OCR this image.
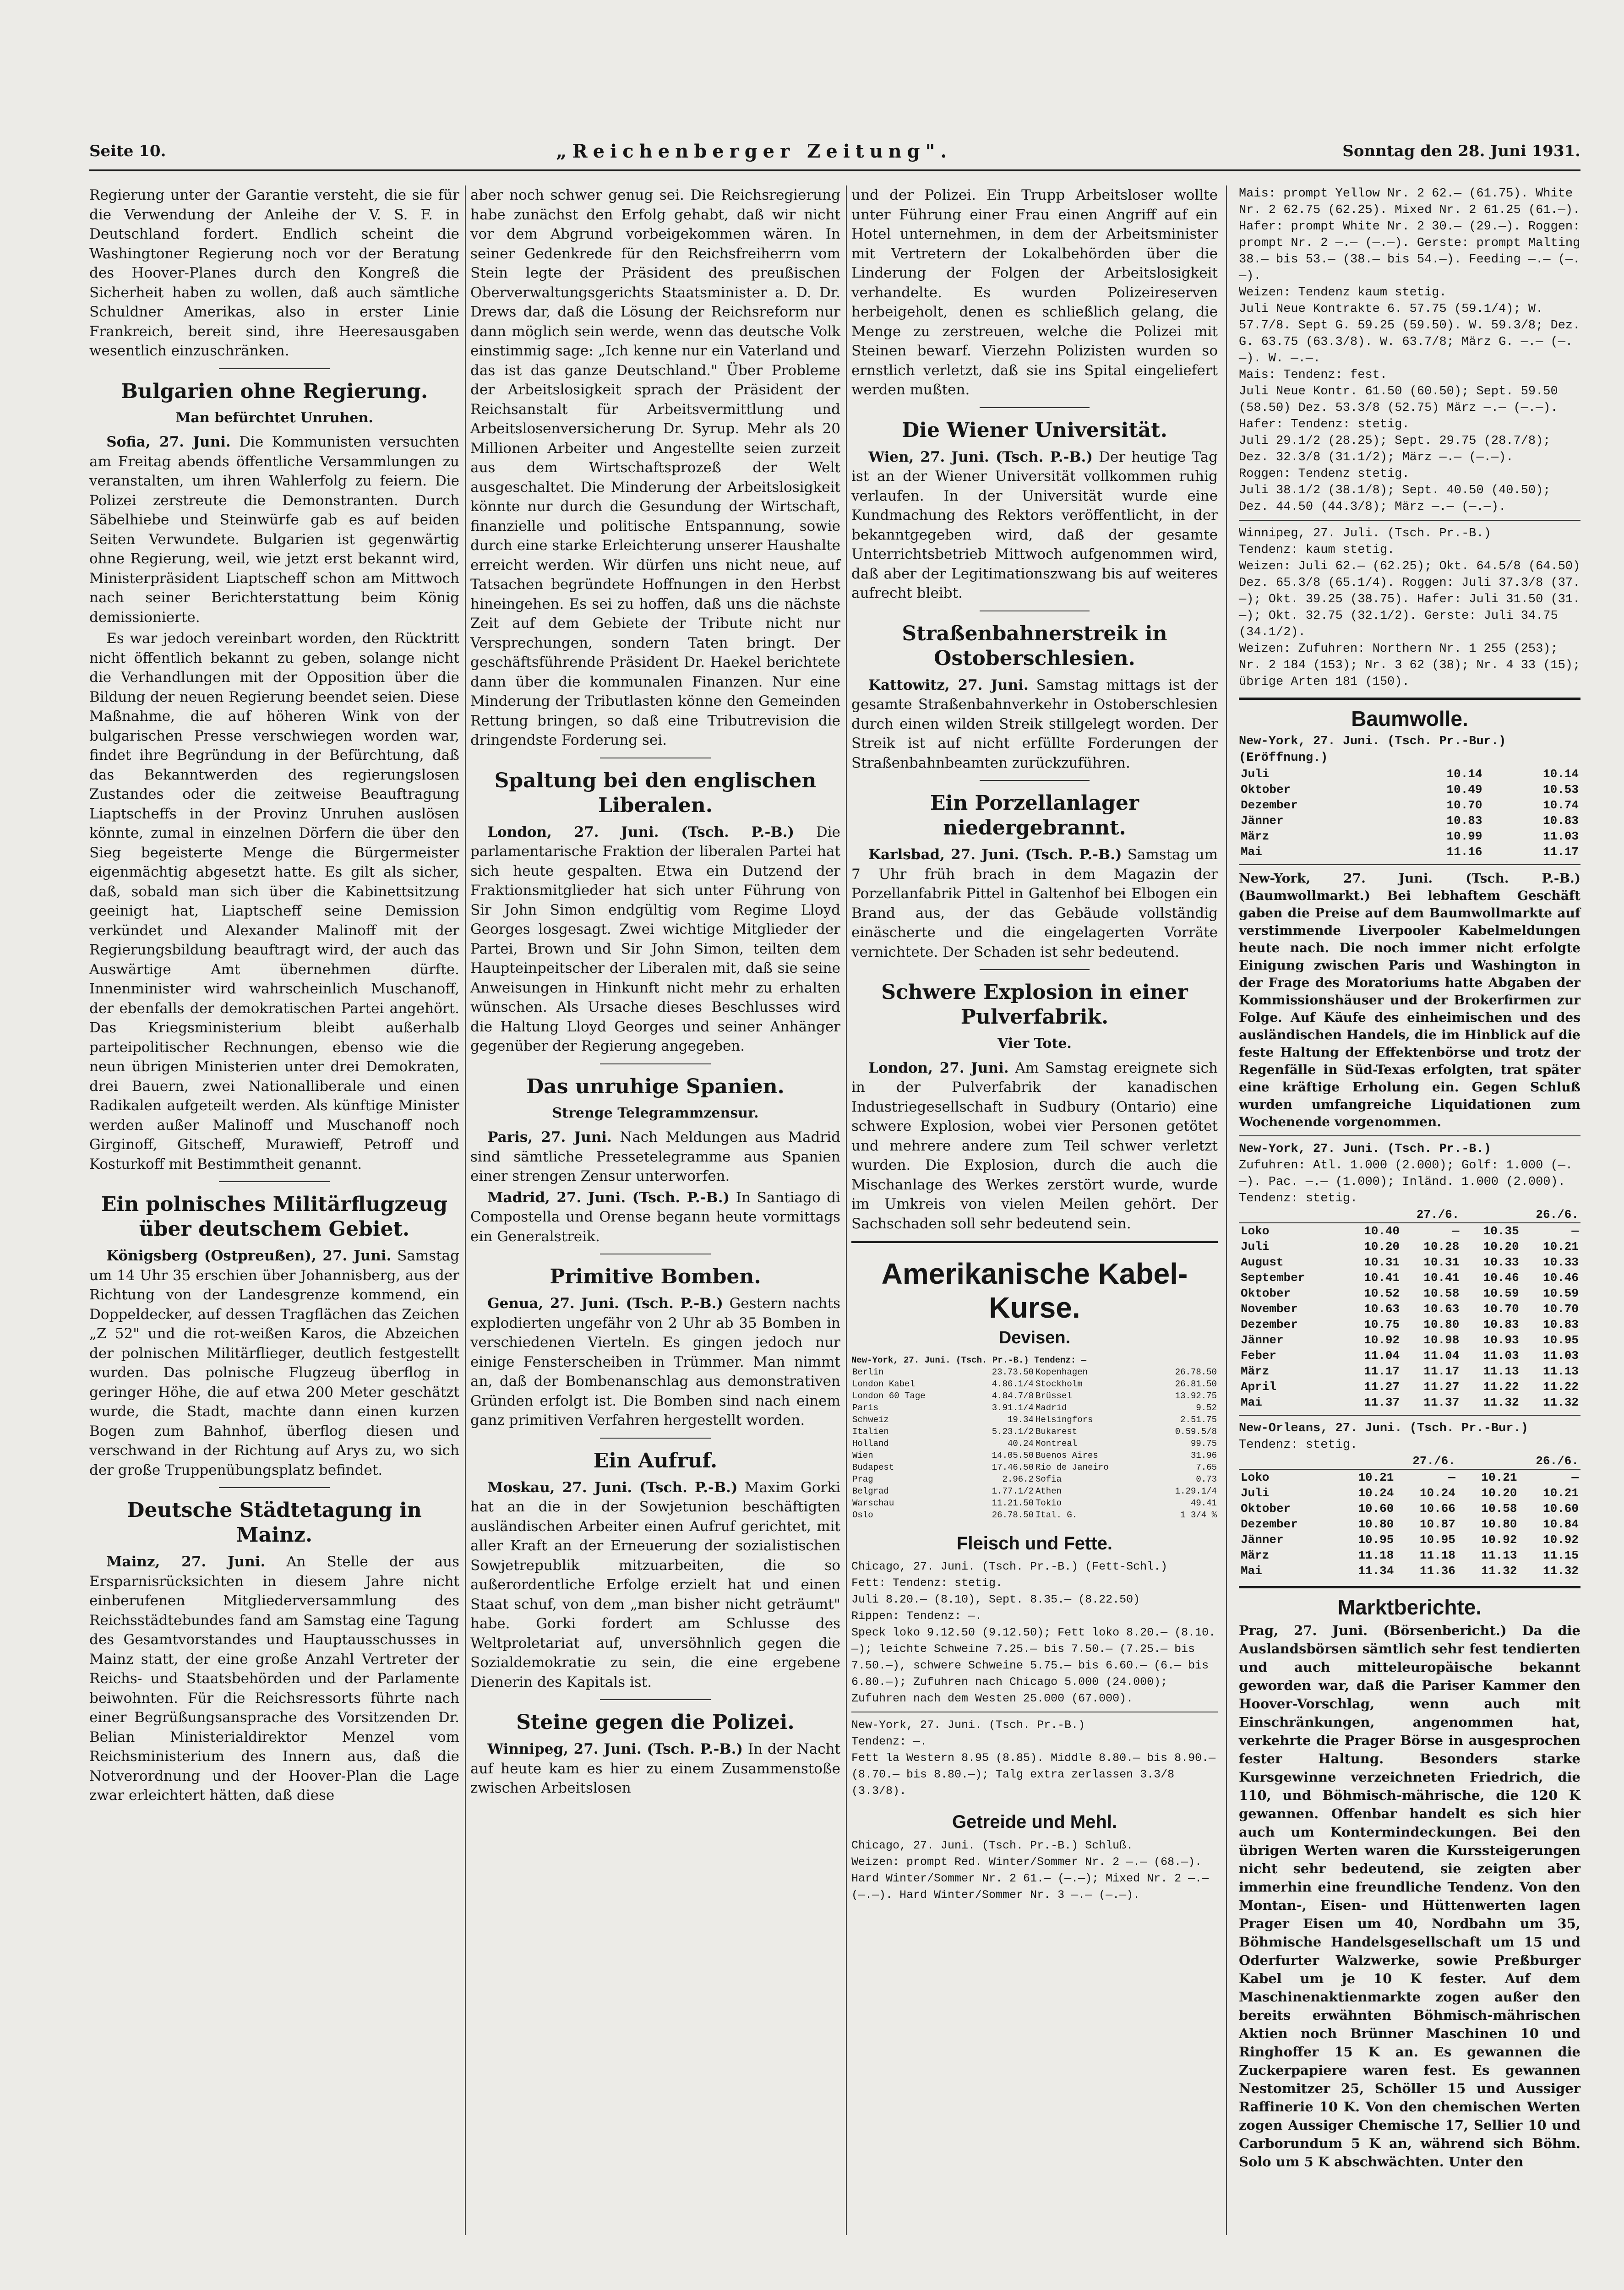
Seite 10.	„Reichenberger Zeitung".	Sonntag den 28. Juni 1931.

Regierung unter der Garantie versteht, die sie für die Verwendung der Anleihe der V. S. F. in Deutschland fordert. Endlich scheint die Washingtoner Regierung noch vor der Beratung des Hoover-Planes durch den Kongreß die Sicherheit haben zu wollen, daß auch sämtliche Schuldner Amerikas, also in erster Linie Frankreich, bereit sind, ihre Heeresausgaben wesentlich einzuschränken.

Bulgarien ohne Regierung.
Man befürchtet Unruhen.

Sofia, 27. Juni. Die Kommunisten versuchten am Freitag abends öffentliche Versammlungen zu veranstalten, um ihren Wahlerfolg zu feiern. Die Polizei zerstreute die Demonstranten. Durch Säbelhiebe und Steinwürfe gab es auf beiden Seiten Verwundete. Bulgarien ist gegenwärtig ohne Regierung, weil, wie jetzt erst bekannt wird, Ministerpräsident Liaptscheff schon am Mittwoch nach seiner Berichterstattung beim König demissionierte.

Es war jedoch vereinbart worden, den Rücktritt nicht öffentlich bekannt zu geben, solange nicht die Verhandlungen mit der Opposition über die Bildung der neuen Regierung beendet seien. Diese Maßnahme, die auf höheren Wink von der bulgarischen Presse verschwiegen worden war, findet ihre Begründung in der Befürchtung, daß das Bekanntwerden des regierungslosen Zustandes oder die zeitweise Beauftragung Liaptscheffs in der Provinz Unruhen auslösen könnte, zumal in einzelnen Dörfern die über den Sieg begeisterte Menge die Bürgermeister eigenmächtig abgesetzt hatte. Es gilt als sicher, daß, sobald man sich über die Kabinettsitzung geeinigt hat, Liaptscheff seine Demission verkündet und Alexander Malinoff mit der Regierungsbildung beauftragt wird, der auch das Auswärtige Amt übernehmen dürfte. Innenminister wird wahrscheinlich Muschanoff, der ebenfalls der demokratischen Partei angehört. Das Kriegsministerium bleibt außerhalb parteipolitischer Rechnungen, ebenso wie die neun übrigen Ministerien unter drei Demokraten, drei Bauern, zwei Nationalliberale und einen Radikalen aufgeteilt werden. Als künftige Minister werden außer Malinoff und Muschanoff noch Girginoff, Gitscheff, Murawieff, Petroff und Kosturkoff mit Bestimmtheit genannt.

Ein polnisches Militärflugzeug über deutschem Gebiet.

Königsberg (Ostpreußen), 27. Juni. Samstag um 14 Uhr 35 erschien über Johannisberg, aus der Richtung von der Landesgrenze kommend, ein Doppeldecker, auf dessen Tragflächen das Zeichen „Z 52" und die rot-weißen Karos, die Abzeichen der polnischen Militärflieger, deutlich festgestellt wurden. Das polnische Flugzeug überflog in geringer Höhe, die auf etwa 200 Meter geschätzt wurde, die Stadt, machte dann einen kurzen Bogen zum Bahnhof, überflog diesen und verschwand in der Richtung auf Arys zu, wo sich der große Truppenübungsplatz befindet.

Deutsche Städtetagung in Mainz.

Mainz, 27. Juni. An Stelle der aus Ersparnisrücksichten in diesem Jahre nicht einberufenen Mitgliederversammlung des Reichsstädtebundes fand am Samstag eine Tagung des Gesamtvorstandes und Hauptausschusses in Mainz statt, der eine große Anzahl Vertreter der Reichs- und Staatsbehörden und der Parlamente beiwohnten. Für die Reichsressorts führte nach einer Begrüßungsansprache des Vorsitzenden Dr. Belian Ministerialdirektor Menzel vom Reichsministerium des Innern aus, daß die Notverordnung und der Hoover-Plan die Lage zwar erleichtert hätten, daß diese

aber noch schwer genug sei. Die Reichsregierung habe zunächst den Erfolg gehabt, daß wir nicht vor dem Abgrund vorbeigekommen wären. In seiner Gedenkrede für den Reichsfreiherrn vom Stein legte der Präsident des preußischen Oberverwaltungsgerichts Staatsminister a. D. Dr. Drews dar, daß die Lösung der Reichsreform nur dann möglich sein werde, wenn das deutsche Volk einstimmig sage: „Ich kenne nur ein Vaterland und das ist das ganze Deutschland." Über Probleme der Arbeitslosigkeit sprach der Präsident der Reichsanstalt für Arbeitsvermittlung und Arbeitslosenversicherung Dr. Syrup. Mehr als 20 Millionen Arbeiter und Angestellte seien zurzeit aus dem Wirtschaftsprozeß der Welt ausgeschaltet. Die Minderung der Arbeitslosigkeit könnte nur durch die Gesundung der Wirtschaft, finanzielle und politische Entspannung, sowie durch eine starke Erleichterung unserer Haushalte erreicht werden. Wir dürfen uns nicht neue, auf Tatsachen begründete Hoffnungen in den Herbst hineingehen. Es sei zu hoffen, daß uns die nächste Zeit auf dem Gebiete der Tribute nicht nur Versprechungen, sondern Taten bringt. Der geschäftsführende Präsident Dr. Haekel berichtete dann über die kommunalen Finanzen. Nur eine Minderung der Tributlasten könne den Gemeinden Rettung bringen, so daß eine Tributrevision die dringendste Forderung sei.

Spaltung bei den englischen Liberalen.

London, 27. Juni. (Tsch. P.-B.) Die parlamentarische Fraktion der liberalen Partei hat sich heute gespalten. Etwa ein Dutzend der Fraktionsmitglieder hat sich unter Führung von Sir John Simon endgültig vom Regime Lloyd Georges losgesagt. Zwei wichtige Mitglieder der Partei, Brown und Sir John Simon, teilten dem Haupteinpeitscher der Liberalen mit, daß sie seine Anweisungen in Hinkunft nicht mehr zu erhalten wünschen. Als Ursache dieses Beschlusses wird die Haltung Lloyd Georges und seiner Anhänger gegenüber der Regierung angegeben.

Das unruhige Spanien.
Strenge Telegrammzensur.

Paris, 27. Juni. Nach Meldungen aus Madrid sind sämtliche Pressetelegramme aus Spanien einer strengen Zensur unterworfen.

Madrid, 27. Juni. (Tsch. P.-B.) In Santiago di Compostella und Orense begann heute vormittags ein Generalstreik.

Primitive Bomben.

Genua, 27. Juni. (Tsch. P.-B.) Gestern nachts explodierten ungefähr von 2 Uhr ab 35 Bomben in verschiedenen Vierteln. Es gingen jedoch nur einige Fensterscheiben in Trümmer. Man nimmt an, daß der Bombenanschlag aus demonstrativen Gründen erfolgt ist. Die Bomben sind nach einem ganz primitiven Verfahren hergestellt worden.

Ein Aufruf.

Moskau, 27. Juni. (Tsch. P.-B.) Maxim Gorki hat an die in der Sowjetunion beschäftigten ausländischen Arbeiter einen Aufruf gerichtet, mit aller Kraft an der Erneuerung der sozialistischen Sowjetrepublik mitzuarbeiten, die so außerordentliche Erfolge erzielt hat und einen Staat schuf, von dem „man bisher nicht geträumt" habe. Gorki fordert am Schlusse des Weltproletariat auf, unversöhnlich gegen die Sozialdemokratie zu sein, die eine ergebene Dienerin des Kapitals ist.

Steine gegen die Polizei.

Winnipeg, 27. Juni. (Tsch. P.-B.) In der Nacht auf heute kam es hier zu einem Zusammenstoße zwischen Arbeitslosen

und der Polizei. Ein Trupp Arbeitsloser wollte unter Führung einer Frau einen Angriff auf ein Hotel unternehmen, in dem der Arbeitsminister mit Vertretern der Lokalbehörden über die Linderung der Folgen der Arbeitslosigkeit verhandelte. Es wurden Polizeireserven herbeigeholt, denen es schließlich gelang, die Menge zu zerstreuen, welche die Polizei mit Steinen bewarf. Vierzehn Polizisten wurden so ernstlich verletzt, daß sie ins Spital eingeliefert werden mußten.

Die Wiener Universität.

Wien, 27. Juni. (Tsch. P.-B.) Der heutige Tag ist an der Wiener Universität vollkommen ruhig verlaufen. In der Universität wurde eine Kundmachung des Rektors veröffentlicht, in der bekanntgegeben wird, daß der gesamte Unterrichtsbetrieb Mittwoch aufgenommen wird, daß aber der Legitimationszwang bis auf weiteres aufrecht bleibt.

Straßenbahnerstreik in Ostoberschlesien.

Kattowitz, 27. Juni. Samstag mittags ist der gesamte Straßenbahnverkehr in Ostoberschlesien durch einen wilden Streik stillgelegt worden. Der Streik ist auf nicht erfüllte Forderungen der Straßenbahnbeamten zurückzuführen.

Ein Porzellanlager niedergebrannt.

Karlsbad, 27. Juni. (Tsch. P.-B.) Samstag um 7 Uhr früh brach in dem Magazin der Porzellanfabrik Pittel in Galtenhof bei Elbogen ein Brand aus, der das Gebäude vollständig einäscherte und die eingelagerten Vorräte vernichtete. Der Schaden ist sehr bedeutend.

Schwere Explosion in einer Pulverfabrik.
Vier Tote.

London, 27. Juni. Am Samstag ereignete sich in der Pulverfabrik der kanadischen Industriegesellschaft in Sudbury (Ontario) eine schwere Explosion, wobei vier Personen getötet und mehrere andere zum Teil schwer verletzt wurden. Die Explosion, durch die auch die Mischanlage des Werkes zerstört wurde, wurde im Umkreis von vielen Meilen gehört. Der Sachschaden soll sehr bedeutend sein.

Amerikanische Kabel-Kurse.
Devisen.
New-York, 27. Juni. (Tsch. Pr.-B.) Tendenz: —
Berlin	23.73.50	Kopenhagen	26.78.50
London Kabel	4.86.1/4	Stockholm	26.81.50
London 60 Tage	4.84.7/8	Brüssel	13.92.75
Paris	3.91.1/4	Madrid	9.52
Schweiz	19.34	Helsingfors	2.51.75
Italien	5.23.1/2	Bukarest	0.59.5/8
Holland	40.24	Montreal	99.75
Wien	14.05.50	Buenos Aires	31.96
Budapest	17.46.50	Rio de Janeiro	7.65
Prag	2.96.2	Sofia	0.73
Belgrad	1.77.1/2	Athen	1.29.1/4
Warschau	11.21.50	Tokio	49.41
Oslo	26.78.50	Ital. G.	1 3/4 %
Fleisch und Fette.
Chicago, 27. Juni. (Tsch. Pr.-B.) (Fett-Schl.)
Fett: Tendenz: stetig.
Juli 8.20.— (8.10), Sept. 8.35.— (8.22.50)
Rippen: Tendenz: —.
Speck loko 9.12.50 (9.12.50); Fett loko 8.20.— (8.10.—); leichte Schweine 7.25.— bis 7.50.— (7.25.— bis 7.50.—), schwere Schweine 5.75.— bis 6.60.— (6.— bis 6.80.—); Zufuhren nach Chicago 5.000 (24.000); Zufuhren nach dem Westen 25.000 (67.000).
New-York, 27. Juni. (Tsch. Pr.-B.)
Tendenz: —.
Fett la Western 8.95 (8.85). Middle 8.80.— bis 8.90.— (8.70.— bis 8.80.—); Talg extra zerlassen 3.3/8 (3.3/8).
Getreide und Mehl.
Chicago, 27. Juni. (Tsch. Pr.-B.) Schluß.
Weizen: prompt Red. Winter/Sommer Nr. 2 —.— (68.—). Hard Winter/Sommer Nr. 2 61.— (—.—); Mixed Nr. 2 —.— (—.—). Hard Winter/Sommer Nr. 3 —.— (—.—).
Mais: prompt Yellow Nr. 2 62.— (61.75). White Nr. 2 62.75 (62.25). Mixed Nr. 2 61.25 (61.—). Hafer: prompt White Nr. 2 30.— (29.—). Roggen: prompt Nr. 2 —.— (—.—). Gerste: prompt Malting 38.— bis 53.— (38.— bis 54.—). Feeding —.— (—.—).
Weizen: Tendenz kaum stetig.
Juli Neue Kontrakte 6. 57.75 (59.1/4); W. 57.7/8. Sept G. 59.25 (59.50). W. 59.3/8; Dez. G. 63.75 (63.3/8). W. 63.7/8; März G. —.— (—.—). W. —.—.
Mais: Tendenz: fest.
Juli Neue Kontr. 61.50 (60.50); Sept. 59.50 (58.50) Dez. 53.3/8 (52.75) März —.— (—.—).
Hafer: Tendenz: stetig.
Juli 29.1/2 (28.25); Sept. 29.75 (28.7/8); Dez. 32.3/8 (31.1/2); März —.— (—.—).
Roggen: Tendenz stetig.
Juli 38.1/2 (38.1/8); Sept. 40.50 (40.50); Dez. 44.50 (44.3/8); März —.— (—.—).
Winnipeg, 27. Juli. (Tsch. Pr.-B.)
Tendenz: kaum stetig.
Weizen: Juli 62.— (62.25); Okt. 64.5/8 (64.50) Dez. 65.3/8 (65.1/4). Roggen: Juli 37.3/8 (37.—); Okt. 39.25 (38.75). Hafer: Juli 31.50 (31.—); Okt. 32.75 (32.1/2). Gerste: Juli 34.75 (34.1/2).
Weizen: Zufuhren: Northern Nr. 1 255 (253); Nr. 2 184 (153); Nr. 3 62 (38); Nr. 4 33 (15); übrige Arten 181 (150).
Baumwolle.
New-York, 27. Juni. (Tsch. Pr.-Bur.) (Eröffnung.)
Juli	10.14	10.14
Oktober	10.49	10.53
Dezember	10.70	10.74
Jänner	10.83	10.83
März	10.99	11.03
Mai	11.16	11.17

New-York, 27. Juni. (Tsch. P.-B.) (Baumwollmarkt.) Bei lebhaftem Geschäft gaben die Preise auf dem Baumwollmarkte auf verstimmende Liverpooler Kabelmeldungen heute nach. Die noch immer nicht erfolgte Einigung zwischen Paris und Washington in der Frage des Moratoriums hatte Abgaben der Kommissionshäuser und der Brokerfirmen zur Folge. Auf Käufe des einheimischen und des ausländischen Handels, die im Hinblick auf die feste Haltung der Effektenbörse und trotz der Regenfälle in Süd-Texas erfolgten, trat später eine kräftige Erholung ein. Gegen Schluß wurden umfangreiche Liquidationen zum Wochenende vorgenommen.

New-York, 27. Juni. (Tsch. Pr.-B.)
Zufuhren: Atl. 1.000 (2.000); Golf: 1.000 (—.—). Pac. —.— (1.000); Inländ. 1.000 (2.000). Tendenz: stetig.
	27./6.		26./6.	
Loko	10.40	—	10.35	—
Juli	10.20	10.28	10.20	10.21
August	10.31	10.31	10.33	10.33
September	10.41	10.41	10.46	10.46
Oktober	10.52	10.58	10.59	10.59
November	10.63	10.63	10.70	10.70
Dezember	10.75	10.80	10.83	10.83
Jänner	10.92	10.98	10.93	10.95
Feber	11.04	11.04	11.03	11.03
März	11.17	11.17	11.13	11.13
April	11.27	11.27	11.22	11.22
Mai	11.37	11.37	11.32	11.32
New-Orleans, 27. Juni. (Tsch. Pr.-Bur.)
Tendenz: stetig.
	27./6.		26./6.	
Loko	10.21	—	10.21	—
Juli	10.24	10.24	10.20	10.21
Oktober	10.60	10.66	10.58	10.60
Dezember	10.80	10.87	10.80	10.84
Jänner	10.95	10.95	10.92	10.92
März	11.18	11.18	11.13	11.15
Mai	11.34	11.36	11.32	11.32
Marktberichte.

Prag, 27. Juni. (Börsenbericht.) Da die Auslandsbörsen sämtlich sehr fest tendierten und auch mitteleuropäische bekannt geworden war, daß die Pariser Kammer den Hoover-Vorschlag, wenn auch mit Einschränkungen, angenommen hat, verkehrte die Prager Börse in ausgesprochen fester Haltung. Besonders starke Kursgewinne verzeichneten Friedrich, die 110, und Böhmisch-mährische, die 120 K gewannen. Offenbar handelt es sich hier auch um Kontermindeckungen. Bei den übrigen Werten waren die Kurssteigerungen nicht sehr bedeutend, sie zeigten aber immerhin eine freundliche Tendenz. Von den Montan-, Eisen- und Hüttenwerten lagen Prager Eisen um 40, Nordbahn um 35, Böhmische Handelsgesellschaft um 15 und Oderfurter Walzwerke, sowie Preßburger Kabel um je 10 K fester. Auf dem Maschinenaktienmarkte zogen außer den bereits erwähnten Böhmisch-mährischen Aktien noch Brünner Maschinen 10 und Ringhoffer 15 K an. Es gewannen die Zuckerpapiere waren fest. Es gewannen Nestomitzer 25, Schöller 15 und Aussiger Raffinerie 10 K. Von den chemischen Werten zogen Aussiger Chemische 17, Sellier 10 und Carborundum 5 K an, während sich Böhm. Solo um 5 K abschwächten. Unter den
